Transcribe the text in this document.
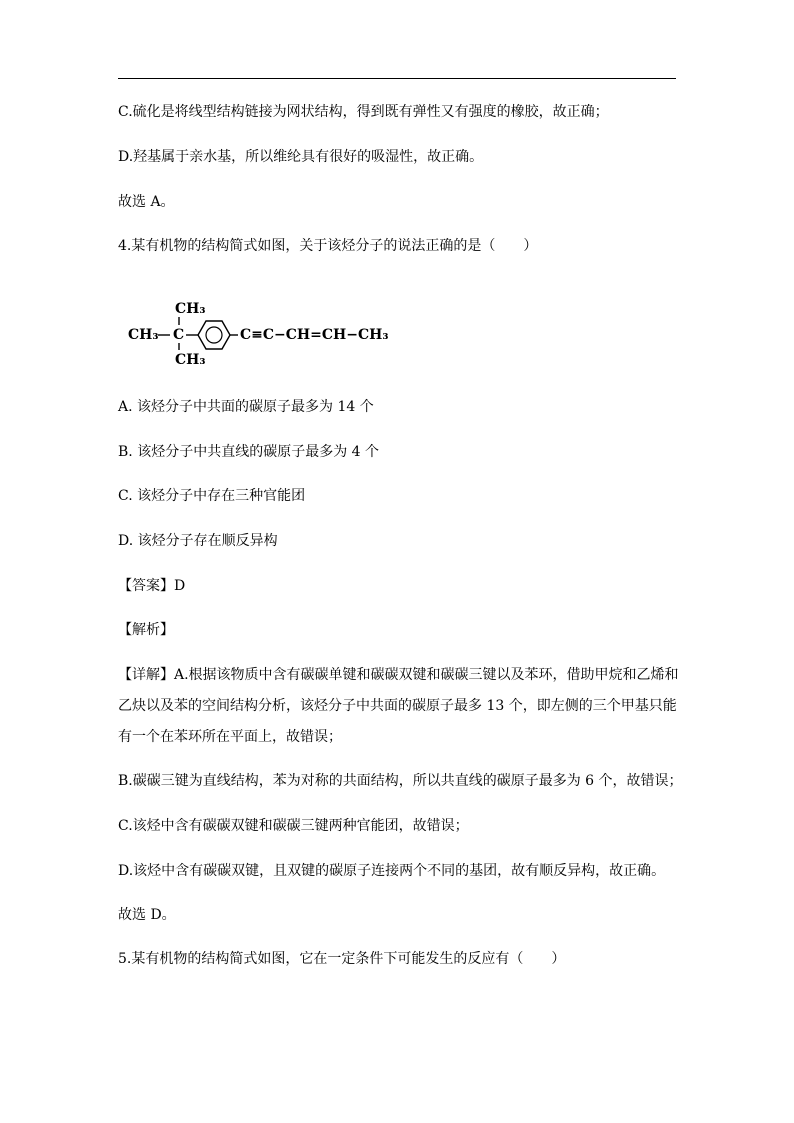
C.硫化是将线型结构链接为网状结构，得到既有弹性又有强度的橡胶，故正确；
D.羟基属于亲水基，所以维纶具有很好的吸湿性，故正确。
故选 A。
4.某有机物的结构简式如图，关于该烃分子的说法正确的是（　　）
CH₃
CH₃ C
CH₃
C≡C−CH=CH−CH₃
A. 该烃分子中共面的碳原子最多为 14 个
B. 该烃分子中共直线的碳原子最多为 4 个
C. 该烃分子中存在三种官能团
D. 该烃分子存在顺反异构
【答案】D
【解析】
【详解】A.根据该物质中含有碳碳单键和碳碳双键和碳碳三键以及苯环，借助甲烷和乙烯和
乙炔以及苯的空间结构分析，该烃分子中共面的碳原子最多 13 个，即左侧的三个甲基只能
有一个在苯环所在平面上，故错误；
B.碳碳三键为直线结构，苯为对称的共面结构，所以共直线的碳原子最多为 6 个，故错误；
C.该烃中含有碳碳双键和碳碳三键两种官能团，故错误；
D.该烃中含有碳碳双键，且双键的碳原子连接两个不同的基团，故有顺反异构，故正确。
故选 D。
5.某有机物的结构简式如图，它在一定条件下可能发生的反应有（　　）
